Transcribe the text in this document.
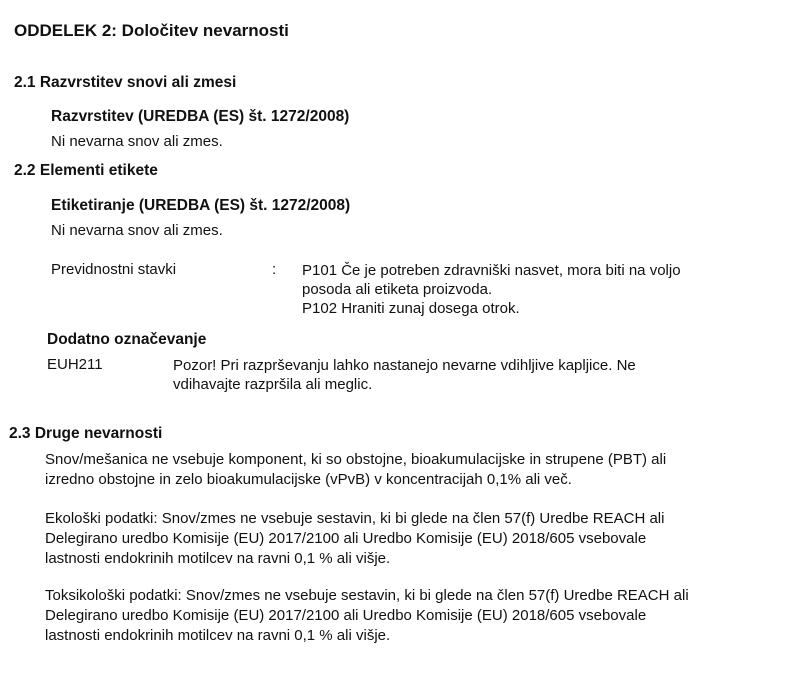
ODDELEK 2: Določitev nevarnosti
2.1 Razvrstitev snovi ali zmesi
Razvrstitev (UREDBA (ES) št. 1272/2008)
Ni nevarna snov ali zmes.
2.2 Elementi etikete
Etiketiranje (UREDBA (ES) št. 1272/2008)
Ni nevarna snov ali zmes.
Previdnostni stavki	: P101 Če je potreben zdravniški nasvet, mora biti na voljo
posoda ali etiketa proizvoda.
P102 Hraniti zunaj dosega otrok.
Dodatno označevanje
EUH211	Pozor! Pri razprševanju lahko nastanejo nevarne vdihljive kapljice. Ne
vdihavajte razpršila ali meglic.
2.3 Druge nevarnosti
Snov/mešanica ne vsebuje komponent, ki so obstojne, bioakumulacijske in strupene (PBT) ali
izredno obstojne in zelo bioakumulacijske (vPvB) v koncentracijah 0,1% ali več.
Ekološki podatki: Snov/zmes ne vsebuje sestavin, ki bi glede na člen 57(f) Uredbe REACH ali
Delegirano uredbo Komisije (EU) 2017/2100 ali Uredbo Komisije (EU) 2018/605 vsebovale
lastnosti endokrinih motilcev na ravni 0,1 % ali višje.
Toksikološki podatki: Snov/zmes ne vsebuje sestavin, ki bi glede na člen 57(f) Uredbe REACH ali
Delegirano uredbo Komisije (EU) 2017/2100 ali Uredbo Komisije (EU) 2018/605 vsebovale
lastnosti endokrinih motilcev na ravni 0,1 % ali višje.
